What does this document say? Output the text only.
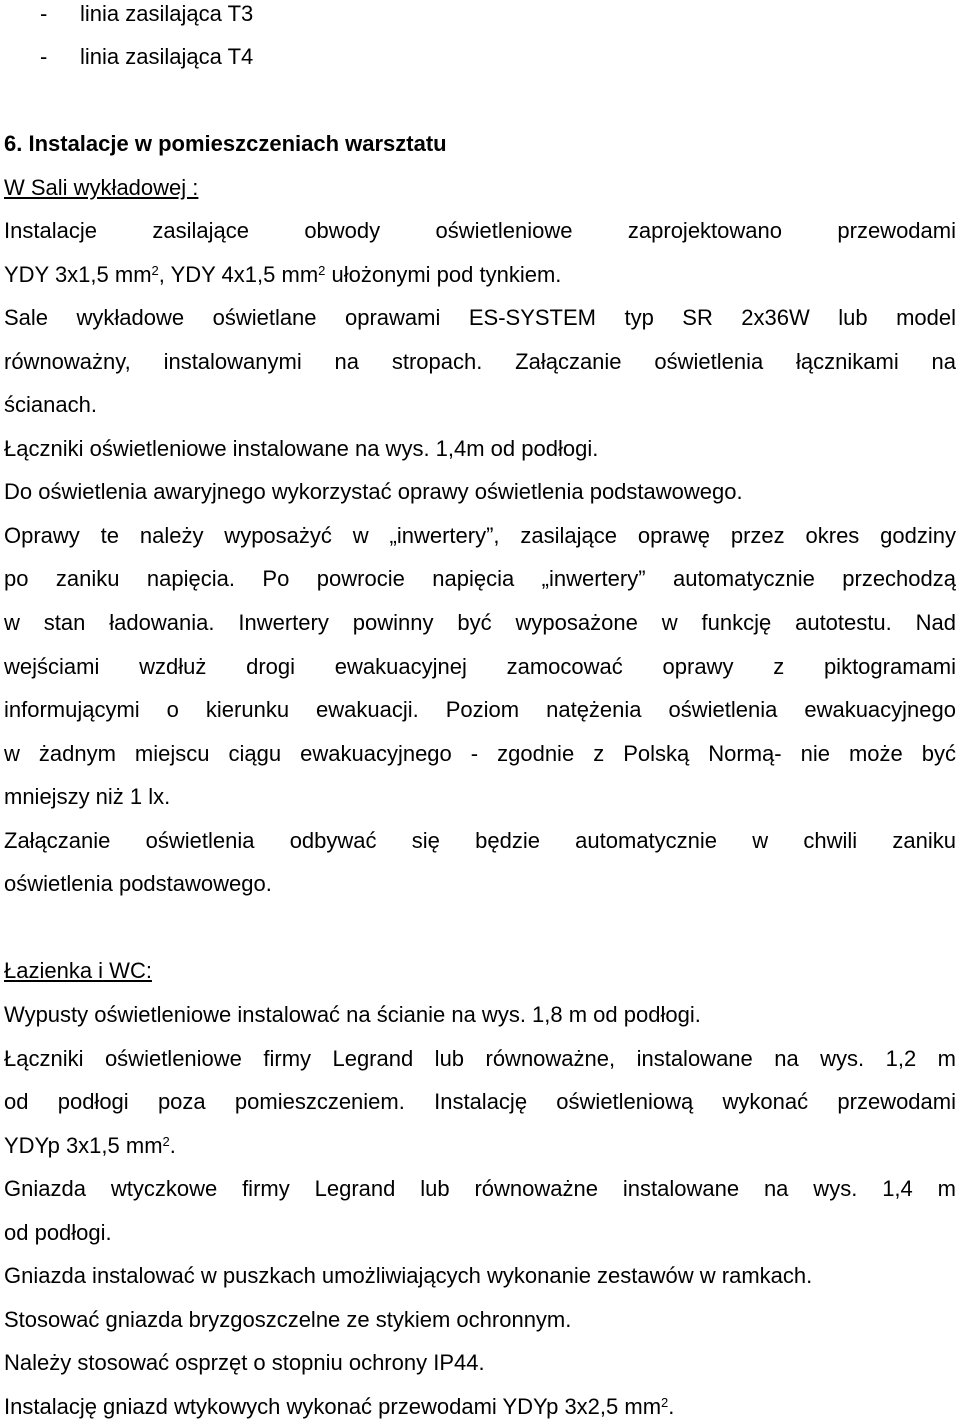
- linia zasilająca T3
- linia zasilająca T4
6. Instalacje w pomieszczeniach warsztatu
W Sali wykładowej :
Instalacje zasilające obwody oświetleniowe zaprojektowano przewodami
YDY 3x1,5 $mm^2$, YDY 4x1,5 $mm^2$ ułożonymi pod tynkiem.
Sale wykładowe oświetlane oprawami ES-SYSTEM typ SR 2x36W lub model
równoważny, instalowanymi na stropach. Załączanie oświetlenia łącznikami na
ścianach.
Łączniki oświetleniowe instalowane na wys. 1,4m od podłogi.
Do oświetlenia awaryjnego wykorzystać oprawy oświetlenia podstawowego.
Oprawy te należy wyposażyć w „inwertery”, zasilające oprawę przez okres godziny
po zaniku napięcia. Po powrocie napięcia „inwertery” automatycznie przechodzą
w stan ładowania. Inwertery powinny być wyposażone w funkcję autotestu. Nad
wejściami wzdłuż drogi ewakuacyjnej zamocować oprawy z piktogramami
informującymi o kierunku ewakuacji. Poziom natężenia oświetlenia ewakuacyjnego
w żadnym miejscu ciągu ewakuacyjnego - zgodnie z Polską Normą- nie może być
mniejszy niż 1 lx.
Załączanie oświetlenia odbywać się będzie automatycznie w chwili zaniku
oświetlenia podstawowego.
Łazienka i WC:
Wypusty oświetleniowe instalować na ścianie na wys. 1,8 m od podłogi.
Łączniki oświetleniowe firmy Legrand lub równoważne, instalowane na wys. 1,2 m
od podłogi poza pomieszczeniem. Instalację oświetleniową wykonać przewodami
YDYp 3x1,5 $mm^2$.
Gniazda wtyczkowe firmy Legrand lub równoważne instalowane na wys. 1,4 m
od podłogi.
Gniazda instalować w puszkach umożliwiających wykonanie zestawów w ramkach.
Stosować gniazda bryzgoszczelne ze stykiem ochronnym.
Należy stosować osprzęt o stopniu ochrony IP44.
Instalację gniazd wtykowych wykonać przewodami YDYp 3x2,5 $mm^2$.
